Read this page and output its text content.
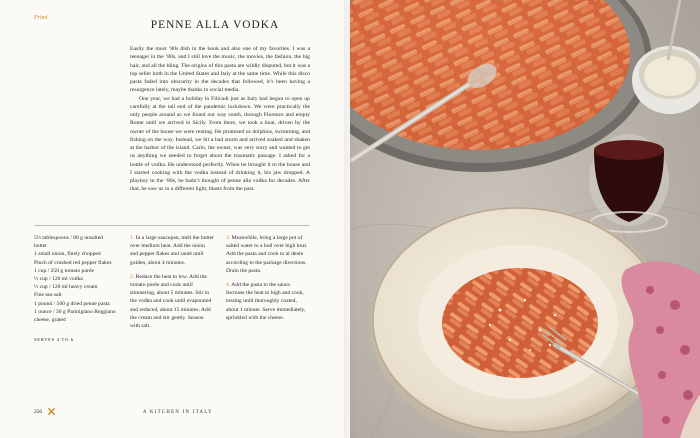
Primi
PENNE ALLA VODKA

Easily the most ’80s dish in the book and also one of my favorites. I was a teenager in the ’80s, and I still love the music, the movies, the fashion, the big hair, and all the bling. The origins of this pasta are wildly disputed, but it was a top seller both in the United States and Italy at the same time. While this disco pasta faded into obscurity in the decades that followed, it’s been having a resurgence lately, maybe thanks to social media.

One year, we had a holiday in Filicudi just as Italy had begun to open up carefully at the tail end of the pandemic lockdown. We were practically the only people around as we found our way south, through Florence and empty Rome until we arrived in Sicily. From there, we took a boat, driven by the owner of the house we were renting. He promised us dolphins, swimming, and fishing on the way. Instead, we hit a bad storm and arrived soaked and shaken at the harbor of the island. Carlo, the owner, was very sorry and wanted to get us anything we needed to forget about the traumatic passage. I asked for a bottle of vodka. He understood perfectly. When he brought it to the house and I started cooking with the vodka instead of drinking it, his jaw dropped. A playboy in the ’80s, he hadn’t thought of penne alla vodka for decades. After that, he saw us in a different light, blasts from the past.

5½ tablespoons / 80 g unsalted butter
1 small onion, finely chopped
Pinch of crushed red pepper flakes
1 cup / 250 g tomato purée
½ cup / 120 ml vodka
½ cup / 120 ml heavy cream
Fine sea salt
1 pound / 500 g dried penne pasta
1 ounce / 30 g Parmigiano Reggiano cheese, grated
SERVES 4 TO 6

1. In a large saucepan, melt the butter over medium heat. Add the onion and pepper flakes and sauté until golden, about 4 minutes.

2. Reduce the heat to low. Add the tomato purée and cook until simmering, about 5 minutes. Stir in the vodka and cook until evaporated and reduced, about 15 minutes. Add the cream and stir gently. Season with salt.

3. Meanwhile, bring a large pot of salted water to a boil over high heat. Add the pasta and cook to al dente according to the package directions. Drain the pasta.

4. Add the pasta to the sauce. Increase the heat to high and cook, tossing until thoroughly coated, about 1 minute. Serve immediately, sprinkled with the cheese.

256	A KITCHEN IN ITALY
